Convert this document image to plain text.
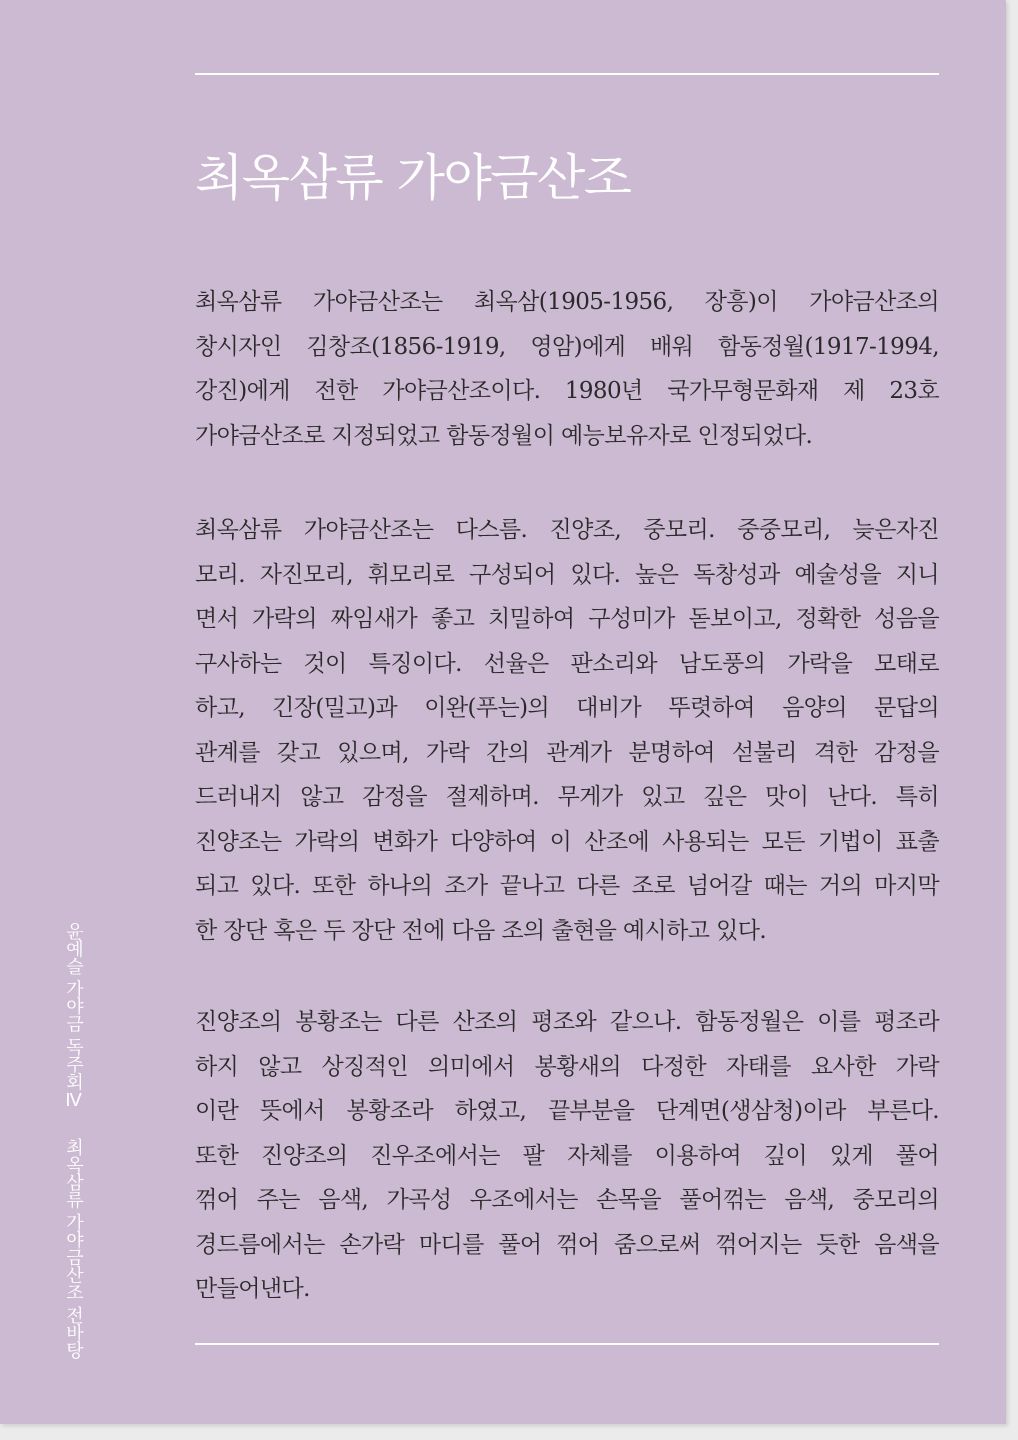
최옥삼류 가야금산조
최옥삼류 가야금산조는 최옥삼(1905-1956, 장흥)이 가야금산조의
창시자인 김창조(1856-1919, 영암)에게 배워 함동정월(1917-1994,
강진)에게 전한 가야금산조이다. 1980년 국가무형문화재 제 23호
가야금산조로 지정되었고 함동정월이 예능보유자로 인정되었다.
최옥삼류 가야금산조는 다스름. 진양조, 중모리. 중중모리, 늦은자진
모리. 자진모리, 휘모리로 구성되어 있다. 높은 독창성과 예술성을 지니
면서 가락의 짜임새가 좋고 치밀하여 구성미가 돋보이고, 정확한 성음을
구사하는 것이 특징이다. 선율은 판소리와 남도풍의 가락을 모태로
하고, 긴장(밀고)과 이완(푸는)의 대비가 뚜렷하여 음양의 문답의
관계를 갖고 있으며, 가락 간의 관계가 분명하여 섣불리 격한 감정을
드러내지 않고 감정을 절제하며. 무게가 있고 깊은 맛이 난다. 특히
진양조는 가락의 변화가 다양하여 이 산조에 사용되는 모든 기법이 표출
되고 있다. 또한 하나의 조가 끝나고 다른 조로 넘어갈 때는 거의 마지막
한 장단 혹은 두 장단 전에 다음 조의 출현을 예시하고 있다.
진양조의 봉황조는 다른 산조의 평조와 같으나. 함동정월은 이를 평조라
하지 않고 상징적인 의미에서 봉황새의 다정한 자태를 요사한 가락
이란 뜻에서 봉황조라 하였고, 끝부분을 단계면(생삼청)이라 부른다.
또한 진양조의 진우조에서는 팔 자체를 이용하여 깊이 있게 풀어
꺾어 주는 음색, 가곡성 우조에서는 손목을 풀어꺾는 음색, 중모리의
경드름에서는 손가락 마디를 풀어 꺾어 줌으로써 꺾어지는 듯한 음색을
만들어낸다.
윤예슬 가야금 독주회Ⅳ 최옥삼류 가야금산조 전바탕
